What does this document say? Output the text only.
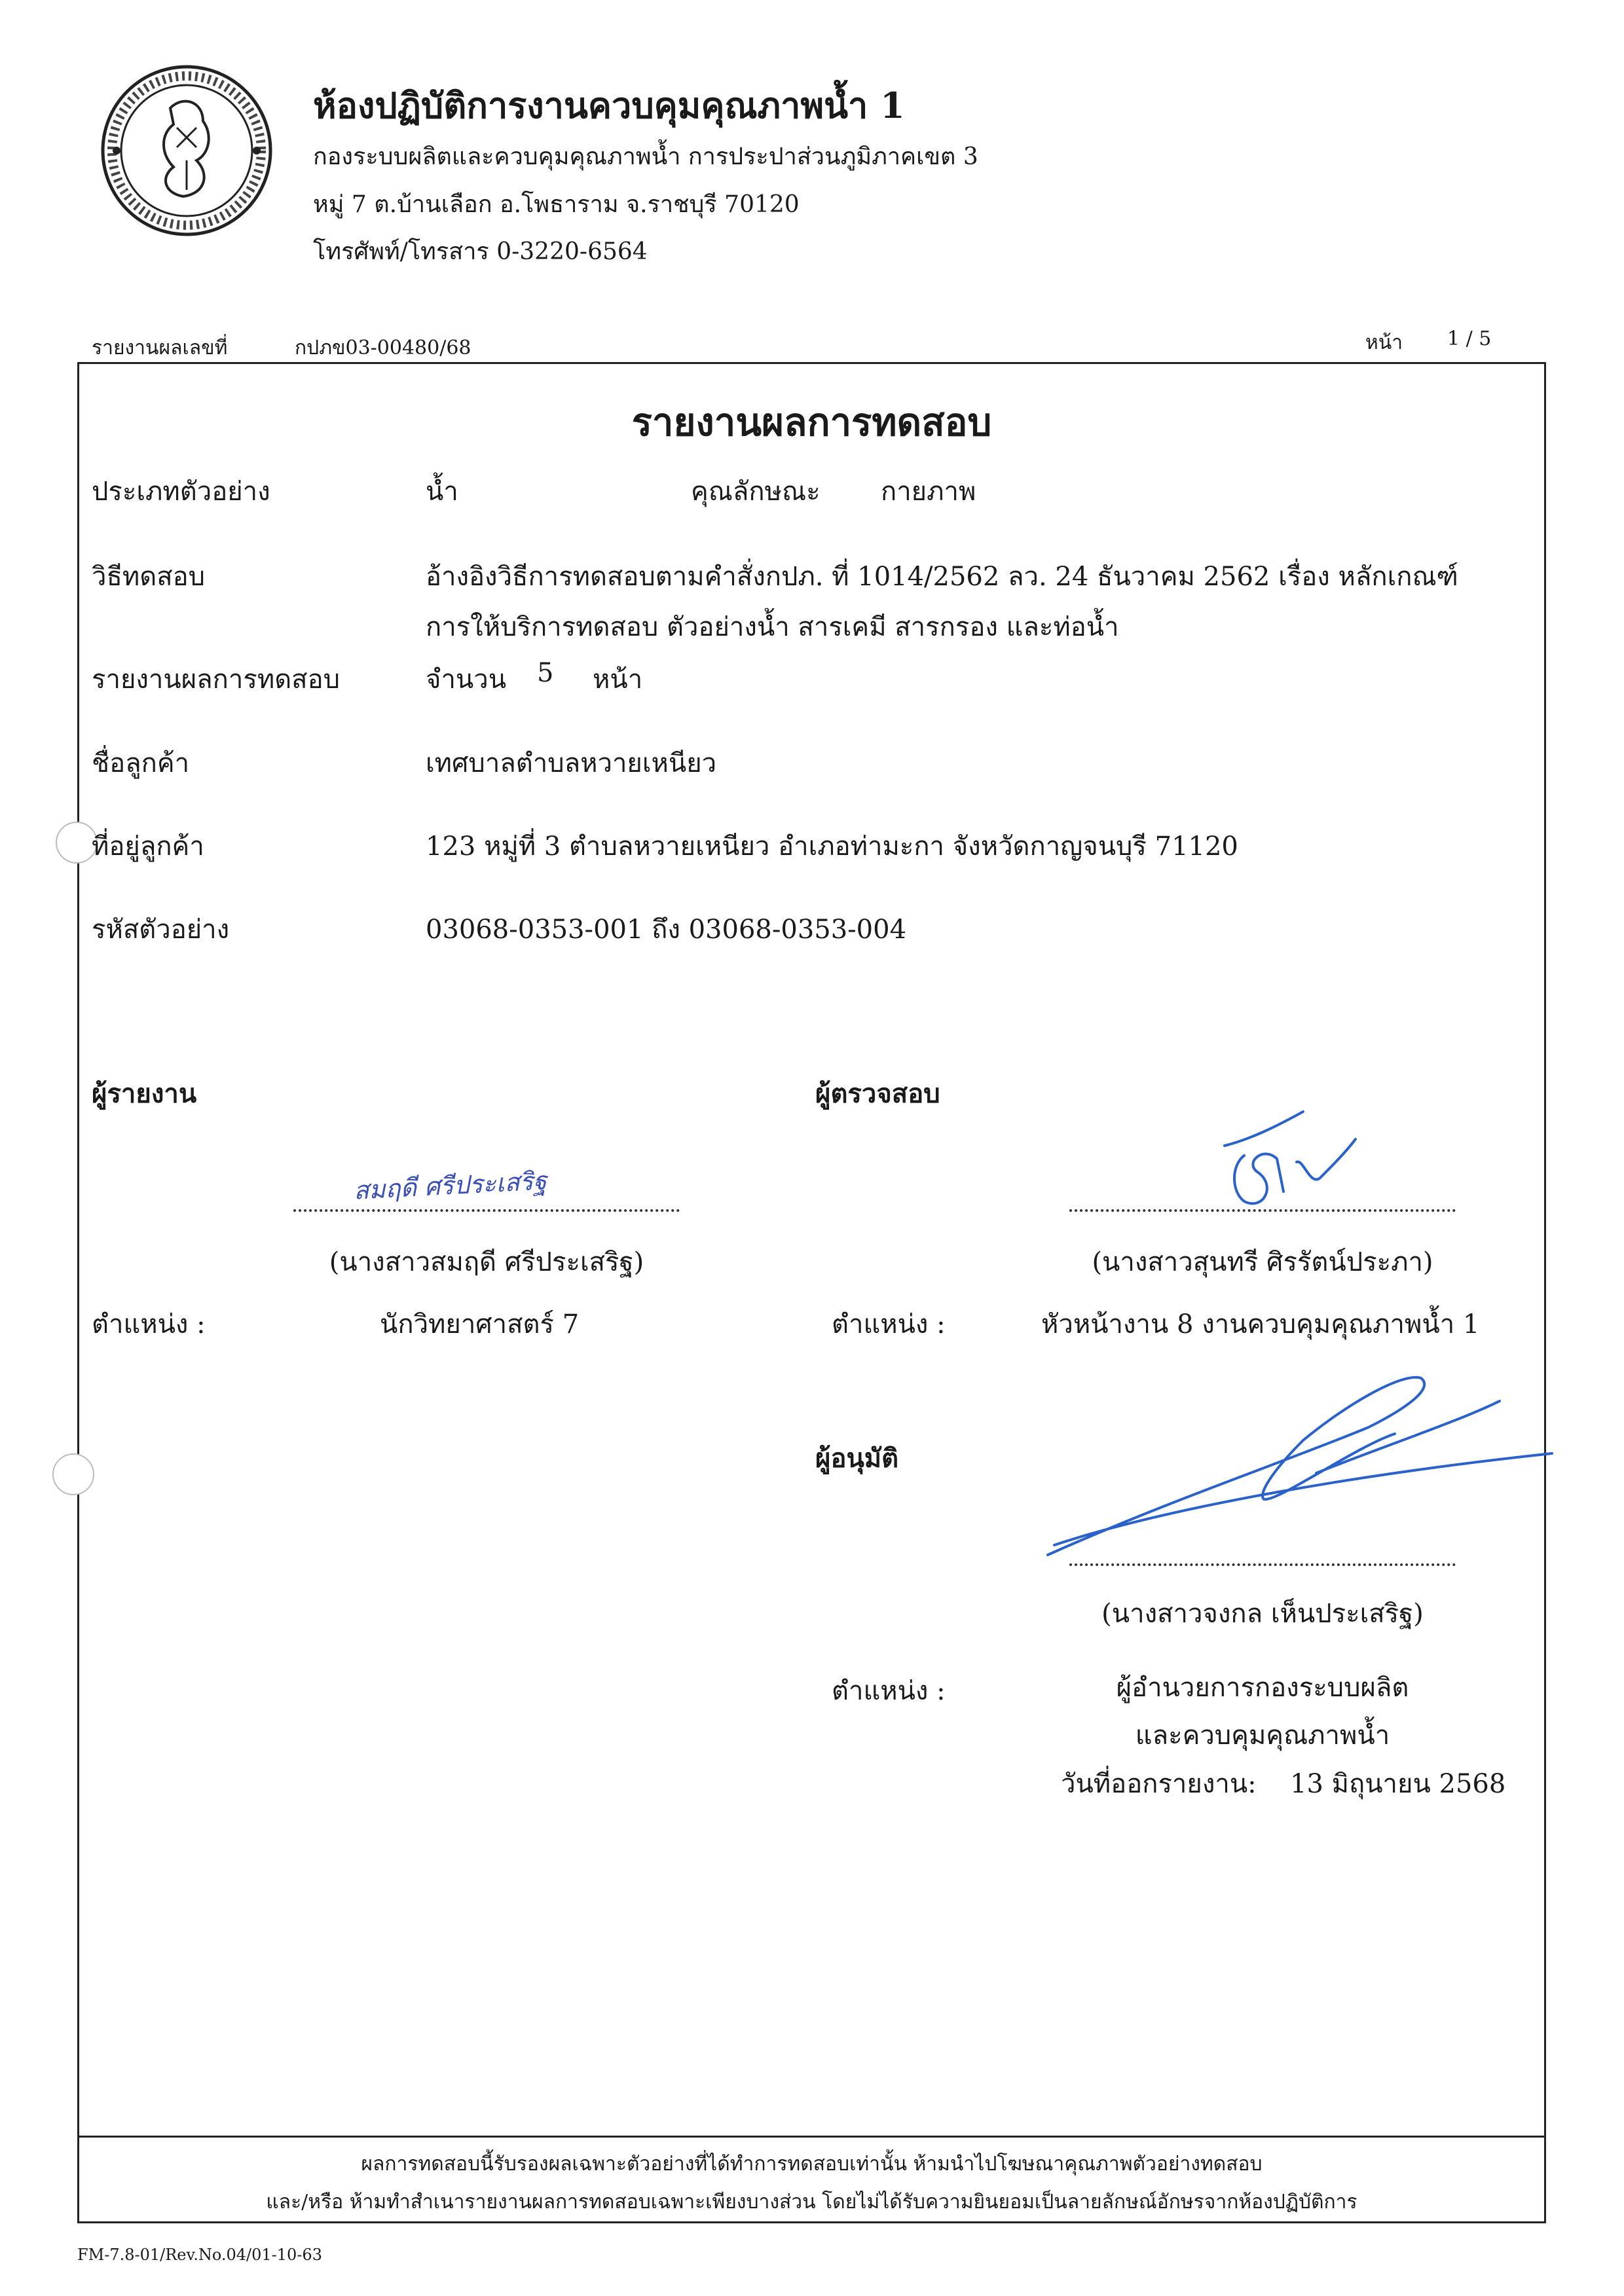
ห้องปฏิบัติการงานควบคุมคุณภาพน้ำ 1
กองระบบผลิตและควบคุมคุณภาพน้ำ การประปาส่วนภูมิภาคเขต 3
หมู่ 7 ต.บ้านเลือก อ.โพธาราม จ.ราชบุรี 70120
โทรศัพท์/โทรสาร 0-3220-6564
รายงานผลเลขที่	กปภข03-00480/68	หน้า 1 / 5
รายงานผลการทดสอบ
ประเภทตัวอย่าง	น้ำ	คุณลักษณะ กายภาพ
วิธีทดสอบ	อ้างอิงวิธีการทดสอบตามคำสั่งกปภ. ที่ 1014/2562 ลว. 24 ธันวาคม 2562 เรื่อง หลักเกณฑ์
การให้บริการทดสอบ ตัวอย่างน้ำ สารเคมี สารกรอง และท่อน้ำ
รายงานผลการทดสอบ	จำนวน 5 หน้า
ชื่อลูกค้า	เทศบาลตำบลหวายเหนียว
ที่อยู่ลูกค้า	123 หมู่ที่ 3 ตำบลหวายเหนียว อำเภอท่ามะกา จังหวัดกาญจนบุรี 71120
รหัสตัวอย่าง	03068-0353-001 ถึง 03068-0353-004
ผู้รายงาน
สมฤดี ศรีประเสริฐ
(นางสาวสมฤดี ศรีประเสริฐ)
ตำแหน่ง :	นักวิทยาศาสตร์ 7
ผู้ตรวจสอบ
(นางสาวสุนทรี ศิรรัตน์ประภา)
ตำแหน่ง :	หัวหน้างาน 8 งานควบคุมคุณภาพน้ำ 1
ผู้อนุมัติ
(นางสาวจงกล เห็นประเสริฐ)
ตำแหน่ง :	ผู้อำนวยการกองระบบผลิต
และควบคุมคุณภาพน้ำ
วันที่ออกรายงาน: 13 มิถุนายน 2568
ผลการทดสอบนี้รับรองผลเฉพาะตัวอย่างที่ได้ทำการทดสอบเท่านั้น ห้ามนำไปโฆษณาคุณภาพตัวอย่างทดสอบ
และ/หรือ ห้ามทำสำเนารายงานผลการทดสอบเฉพาะเพียงบางส่วน โดยไม่ได้รับความยินยอมเป็นลายลักษณ์อักษรจากห้องปฏิบัติการ
FM-7.8-01/Rev.No.04/01-10-63
